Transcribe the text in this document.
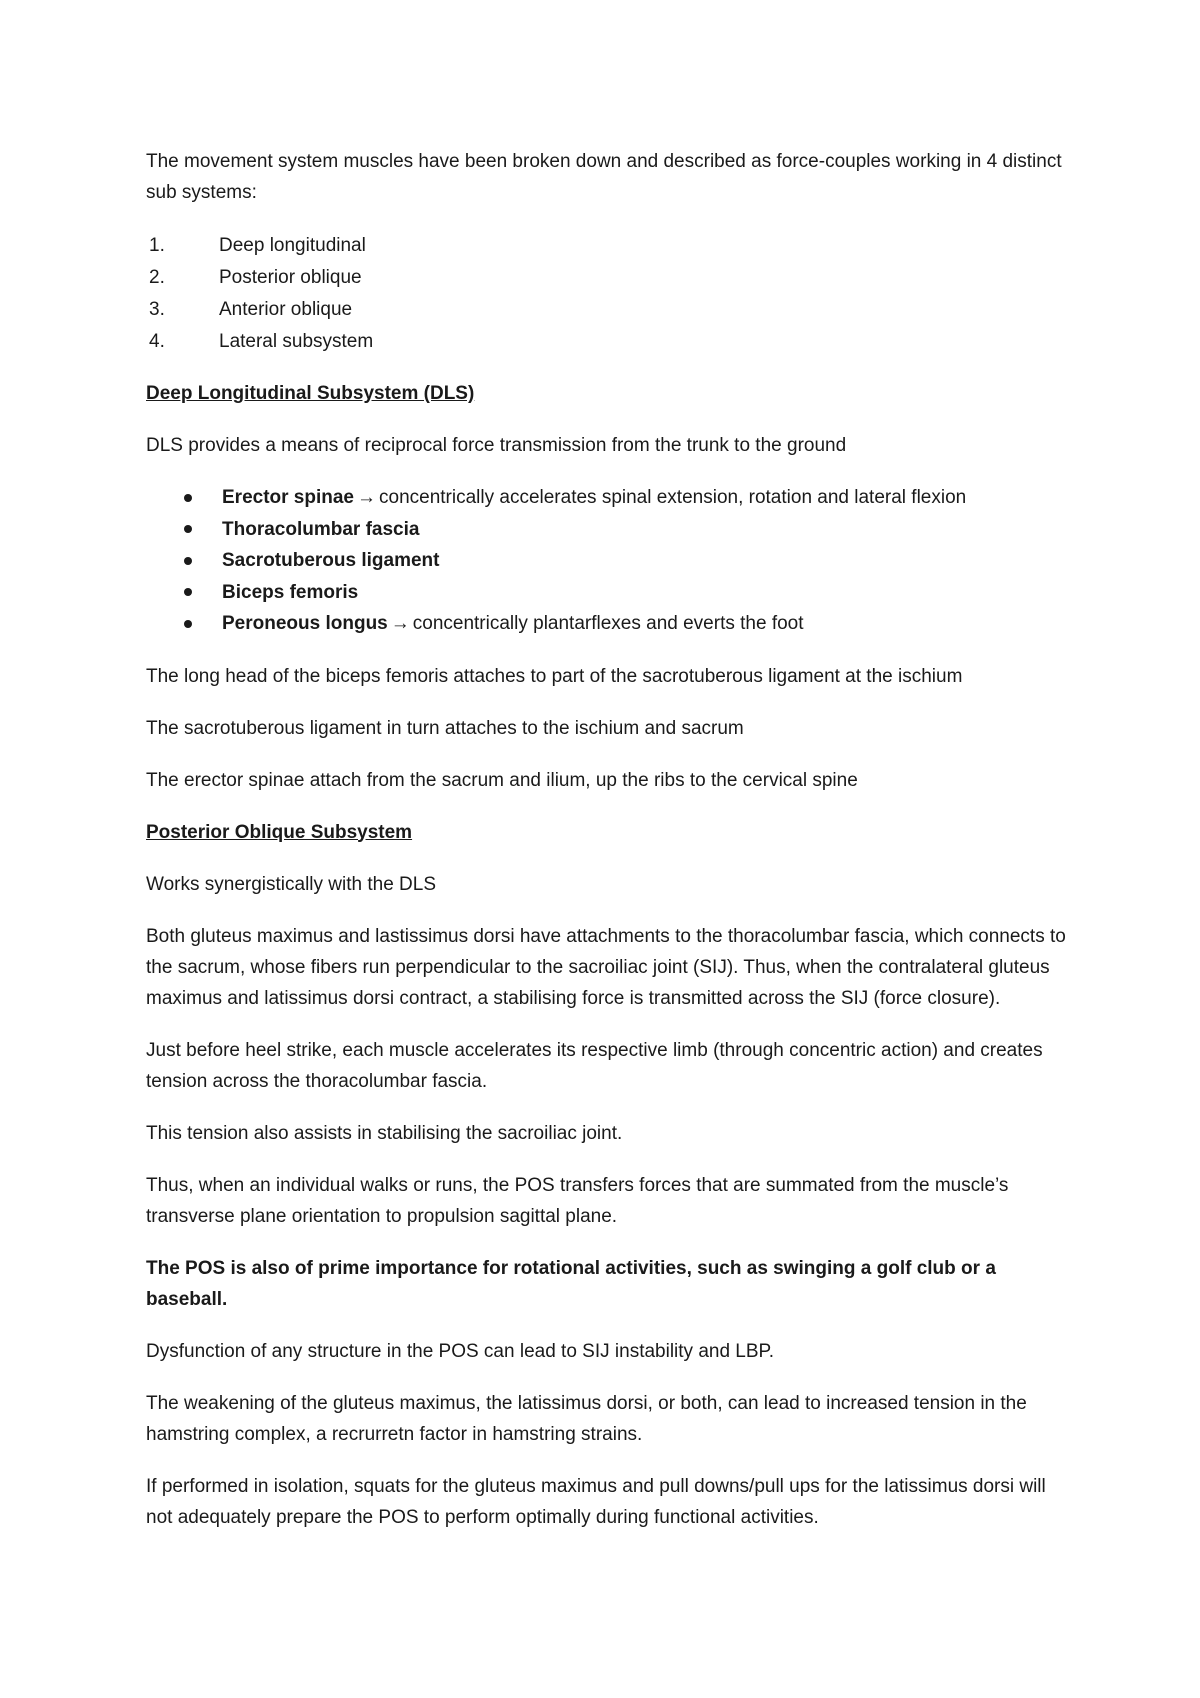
The movement system muscles have been broken down and described as force-couples working in 4 distinct sub systems:

1.	Deep longitudinal
2.	Posterior oblique
3.	Anterior oblique
4.	Lateral subsystem

Deep Longitudinal Subsystem (DLS)

DLS provides a means of reciprocal force transmission from the trunk to the ground

Erector spinae → concentrically accelerates spinal extension, rotation and lateral flexion
Thoracolumbar fascia
Sacrotuberous ligament
Biceps femoris
Peroneous longus → concentrically plantarflexes and everts the foot

The long head of the biceps femoris attaches to part of the sacrotuberous ligament at the ischium

The sacrotuberous ligament in turn attaches to the ischium and sacrum

The erector spinae attach from the sacrum and ilium, up the ribs to the cervical spine

Posterior Oblique Subsystem

Works synergistically with the DLS

Both gluteus maximus and lastissimus dorsi have attachments to the thoracolumbar fascia, which connects to the sacrum, whose fibers run perpendicular to the sacroiliac joint (SIJ). Thus, when the contralateral gluteus maximus and latissimus dorsi contract, a stabilising force is transmitted across the SIJ (force closure).

Just before heel strike, each muscle accelerates its respective limb (through concentric action) and creates tension across the thoracolumbar fascia.

This tension also assists in stabilising the sacroiliac joint.

Thus, when an individual walks or runs, the POS transfers forces that are summated from the muscle’s transverse plane orientation to propulsion sagittal plane.

The POS is also of prime importance for rotational activities, such as swinging a golf club or a baseball.

Dysfunction of any structure in the POS can lead to SIJ instability and LBP.

The weakening of the gluteus maximus, the latissimus dorsi, or both, can lead to increased tension in the hamstring complex, a recrurretn factor in hamstring strains.

If performed in isolation, squats for the gluteus maximus and pull downs/pull ups for the latissimus dorsi will not adequately prepare the POS to perform optimally during functional activities.
